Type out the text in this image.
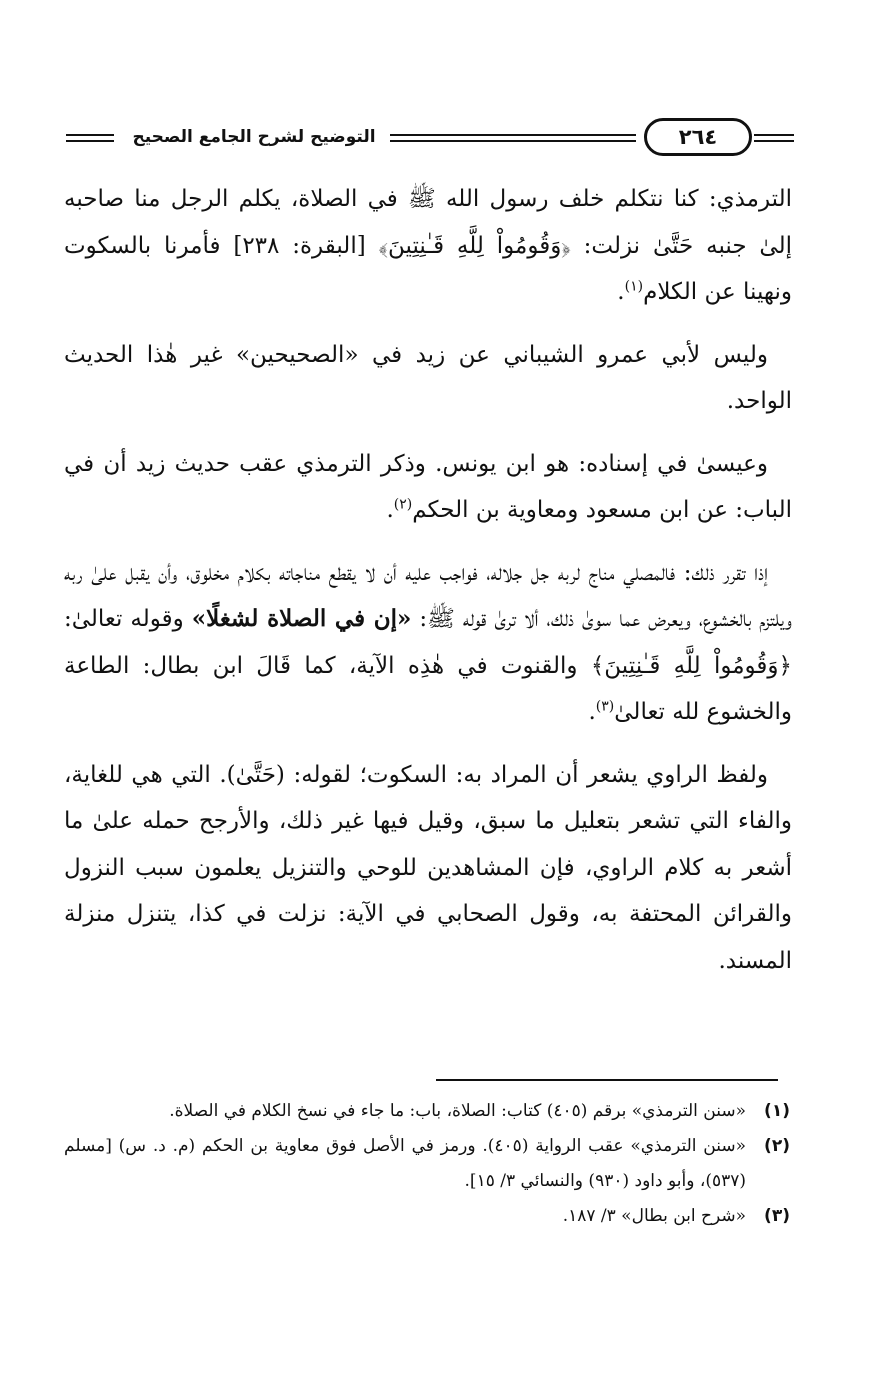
التوضيح لشرح الجامع الصحيح	٢٦٤

الترمذي: كنا نتكلم خلف رسول الله ﷺ في الصلاة، يكلم الرجل منا صاحبه إلىٰ جنبه حَتَّىٰ نزلت: ﴿وَقُومُواْ لِلَّهِ قَـٰنِتِينَ﴾ [البقرة: ٢٣٨] فأمرنا بالسكوت ونهينا عن الكلام$^{(١)}$.

وليس لأبي عمرو الشيباني عن زيد في «الصحيحين» غير هٰذا الحديث الواحد.

وعيسىٰ في إسناده: هو ابن يونس. وذكر الترمذي عقب حديث زيد أن في الباب: عن ابن مسعود ومعاوية بن الحكم$^{(٢)}$.

إذا تقرر ذلك: فالمصلي مناج لربه جل جلاله، فواجب عليه أن لا يقطع مناجاته بكلام مخلوق، وأن يقبل علىٰ ربه ويلتزم بالخشوع، ويعرض عما سوىٰ ذلك، ألا ترىٰ قوله ﷺ: «إن في الصلاة لشغلًا» وقوله تعالىٰ: ﴿وَقُومُواْ لِلَّهِ قَـٰنِتِينَ﴾ والقنوت في هٰذِه الآية، كما قَالَ ابن بطال: الطاعة والخشوع لله تعالىٰ$^{(٣)}$.

ولفظ الراوي يشعر أن المراد به: السكوت؛ لقوله: (حَتَّىٰ). التي هي للغاية، والفاء التي تشعر بتعليل ما سبق، وقيل فيها غير ذلك، والأرجح حمله علىٰ ما أشعر به كلام الراوي، فإن المشاهدين للوحي والتنزيل يعلمون سبب النزول والقرائن المحتفة به، وقول الصحابي في الآية: نزلت في كذا، يتنزل منزلة المسند.

(١)
«سنن الترمذي» برقم (٤٠٥) كتاب: الصلاة، باب: ما جاء في نسخ الكلام في الصلاة.
(٢)
«سنن الترمذي» عقب الرواية (٤٠٥). ورمز في الأصل فوق معاوية بن الحكم (م. د. س) [مسلم (٥٣٧)، وأبو داود (٩٣٠) والنسائي ٣/ ١٥].
(٣)
«شرح ابن بطال» ٣/ ١٨٧.
